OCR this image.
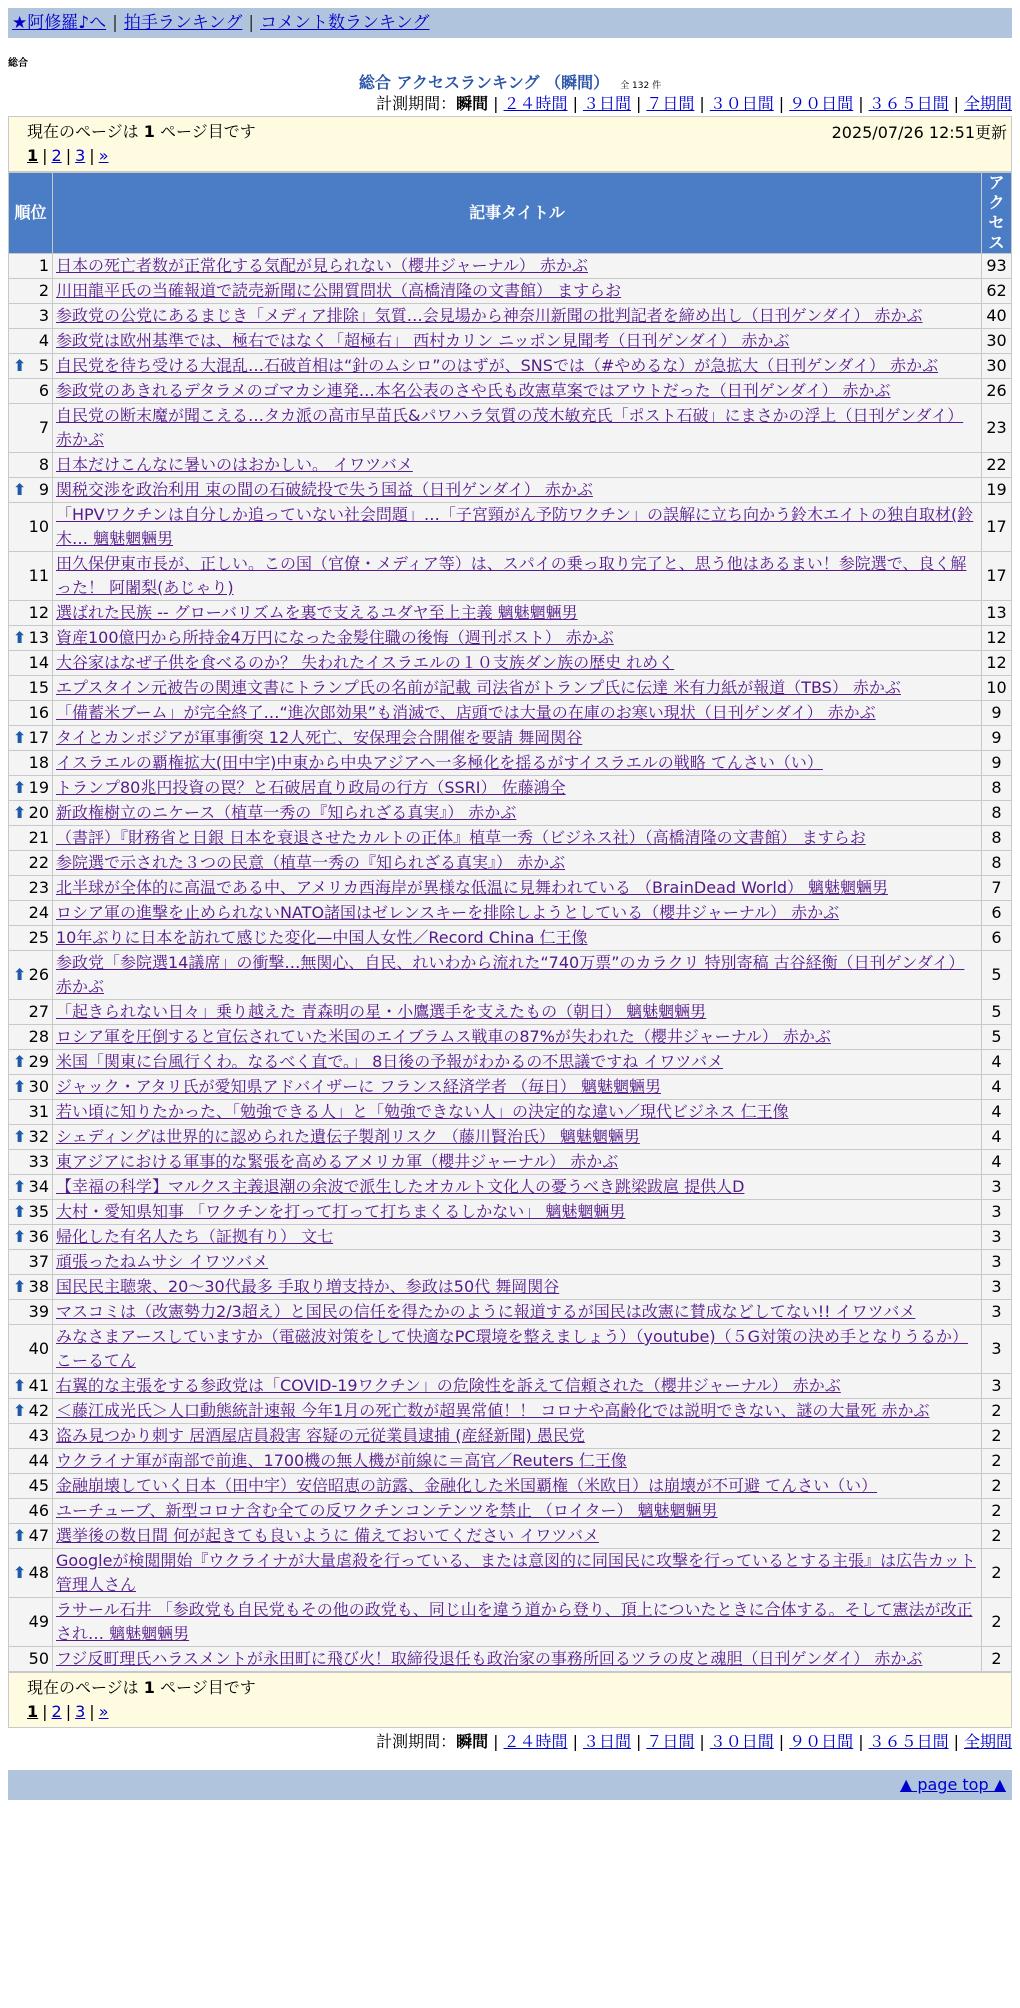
★阿修羅♪へ | 拍手ランキング | コメント数ランキング
総合
総合 アクセスランキング （瞬間） 全 132 件
計測期間：瞬間 | ２４時間 | ３日間 | ７日間 | ３０日間 | ９０日間 | ３６５日間 | 全期間
現在のページは 1 ページ目です	2025/07/26 12:51更新
1 | 2 | 3 | »
順位	記事タイトル	アクセス
1	日本の死亡者数が正常化する気配が見られない（櫻井ジャーナル） 赤かぶ	93
2	川田龍平氏の当確報道で読売新聞に公開質問状（高橋清隆の文書館） ますらお	62
3	参政党の公党にあるまじき「メディア排除」気質…会見場から神奈川新聞の批判記者を締め出し（日刊ゲンダイ） 赤かぶ	40
4	参政党は欧州基準では、極右ではなく「超極右」 西村カリン ニッポン見聞考（日刊ゲンダイ） 赤かぶ	30

⬆ 5	自民党を待ち受ける大混乱…石破首相は“針のムシロ”のはずが、SNSでは（#やめるな）が急拡大（日刊ゲンダイ） 赤かぶ	30
6	参政党のあきれるデタラメのゴマカシ連発…本名公表のさや氏も改憲草案ではアウトだった（日刊ゲンダイ） 赤かぶ	26
7	自民党の断末魔が聞こえる…タカ派の高市早苗氏&パワハラ気質の茂木敏充氏「ポスト石破」にまさかの浮上（日刊ゲンダイ） 赤かぶ	23
8	日本だけこんなに暑いのはおかしい。 イワツバメ	22

⬆ 9	関税交渉を政治利用 束の間の石破続投で失う国益（日刊ゲンダイ） 赤かぶ	19
10	「HPVワクチンは自分しか追っていない社会問題」…「子宮頸がん予防ワクチン」の誤解に立ち向かう鈴木エイトの独自取材(鈴木… 魑魅魍魎男	17
11	田久保伊東市長が、正しい。この国（官僚・メディア等）は、スパイの乗っ取り完了と、思う他はあるまい！参院選で、良く解った！ 阿闍梨(あじゃり)	17
12	選ばれた民族 -- グローバリズムを裏で支えるユダヤ至上主義 魑魅魍魎男	13

⬆ 13	資産100億円から所持金4万円になった金髪住職の後悔（週刊ポスト） 赤かぶ	12
14	大谷家はなぜ子供を食べるのか？ 失われたイスラエルの１０支族ダン族の歴史 れめく	12
15	エプスタイン元被告の関連文書にトランプ氏の名前が記載 司法省がトランプ氏に伝達 米有力紙が報道（TBS） 赤かぶ	10
16	「備蓄米ブーム」が完全終了…“進次郎効果”も消滅で、店頭では大量の在庫のお寒い現状（日刊ゲンダイ） 赤かぶ	9

⬆ 17	タイとカンボジアが軍事衝突 12人死亡、安保理会合開催を要請 舞岡関谷	9
18	イスラエルの覇権拡大(田中宇)中東から中央アジアへ一多極化を揺るがすイスラエルの戦略 てんさい（い）	9

⬆ 19	トランプ80兆円投資の罠？と石破居直り政局の行方（SSRI） 佐藤鴻全	8

⬆ 20	新政権樹立のニケース（植草一秀の『知られざる真実』） 赤かぶ	8
21	（書評）『財務省と日銀 日本を衰退させたカルトの正体』植草一秀（ビジネス社）（高橋清隆の文書館） ますらお	8
22	参院選で示された３つの民意（植草一秀の『知られざる真実』） 赤かぶ	8
23	北半球が全体的に高温である中、アメリカ西海岸が異様な低温に見舞われている （BrainDead World） 魑魅魍魎男	7
24	ロシア軍の進撃を止められないNATO諸国はゼレンスキーを排除しようとしている（櫻井ジャーナル） 赤かぶ	6
25	10年ぶりに日本を訪れて感じた変化—中国人女性／Record China 仁王像	6

⬆ 26	参政党「参院選14議席」の衝撃…無関心、自民、れいわから流れた“740万票”のカラクリ 特別寄稿 古谷経衡（日刊ゲンダイ） 赤かぶ	5
27	「起きられない日々」乗り越えた 青森明の星・小鷹選手を支えたもの（朝日） 魑魅魍魎男	5
28	ロシア軍を圧倒すると宣伝されていた米国のエイブラムス戦車の87%が失われた（櫻井ジャーナル） 赤かぶ	5

⬆ 29	米国「関東に台風行くわ。なるべく直で。」 8日後の予報がわかるの不思議ですね イワツバメ	4

⬆ 30	ジャック・アタリ氏が愛知県アドバイザーに フランス経済学者 （毎日） 魑魅魍魎男	4
31	若い頃に知りたかった、「勉強できる人」と「勉強できない人」の決定的な違い／現代ビジネス 仁王像	4

⬆ 32	シェディングは世界的に認められた遺伝子製剤リスク （藤川賢治氏） 魑魅魍魎男	4
33	東アジアにおける軍事的な緊張を高めるアメリカ軍（櫻井ジャーナル） 赤かぶ	4

⬆ 34	【幸福の科学】マルクス主義退潮の余波で派生したオカルト文化人の憂うべき跳梁跋扈 提供人D	3

⬆ 35	大村・愛知県知事 「ワクチンを打って打って打ちまくるしかない」 魑魅魍魎男	3

⬆ 36	帰化した有名人たち（証拠有り） 文七	3
37	頑張ったねムサシ イワツバメ	3

⬆ 38	国民民主聴衆、20～30代最多 手取り増支持か、参政は50代 舞岡関谷	3
39	マスコミは（改憲勢力2/3超え）と国民の信任を得たかのように報道するが国民は改憲に賛成などしてない!! イワツバメ	3
40	みなさまアースしていますか（電磁波対策をして快適なPC環境を整えましょう）（youtube)（５G対策の決め手となりうるか） こーるてん	3

⬆ 41	右翼的な主張をする参政党は「COVID-19ワクチン」の危険性を訴えて信頼された（櫻井ジャーナル） 赤かぶ	3

⬆ 42	＜藤江成光氏＞人口動態統計速報 今年1月の死亡数が超異常値！！ コロナや高齢化では説明できない、謎の大量死 赤かぶ	2
43	盗み見つかり刺す 居酒屋店員殺害 容疑の元従業員逮捕 (産経新聞) 愚民党	2
44	ウクライナ軍が南部で前進、1700機の無人機が前線に＝高官／Reuters 仁王像	2
45	金融崩壊していく日本（田中宇）安倍昭恵の訪露、金融化した米国覇権（米欧日）は崩壊が不可避 てんさい（い）	2
46	ユーチューブ、新型コロナ含む全ての反ワクチンコンテンツを禁止 （ロイター） 魑魅魍魎男	2

⬆ 47	選挙後の数日間 何が起きても良いように 備えておいてください イワツバメ	2

⬆ 48	Googleが検閲開始『ウクライナが大量虐殺を行っている、または意図的に同国民に攻撃を行っているとする主張』は広告カット 管理人さん	2
49	ラサール石井 「参政党も自民党もその他の政党も、同じ山を違う道から登り、頂上についたときに合体する。そして憲法が改正され… 魑魅魍魎男	2
50	フジ反町理氏ハラスメントが永田町に飛び火！取締役退任も政治家の事務所回るツラの皮と魂胆（日刊ゲンダイ） 赤かぶ	2
現在のページは 1 ページ目です
1 | 2 | 3 | »
計測期間：瞬間 | ２４時間 | ３日間 | ７日間 | ３０日間 | ９０日間 | ３６５日間 | 全期間
▲ page top ▲
